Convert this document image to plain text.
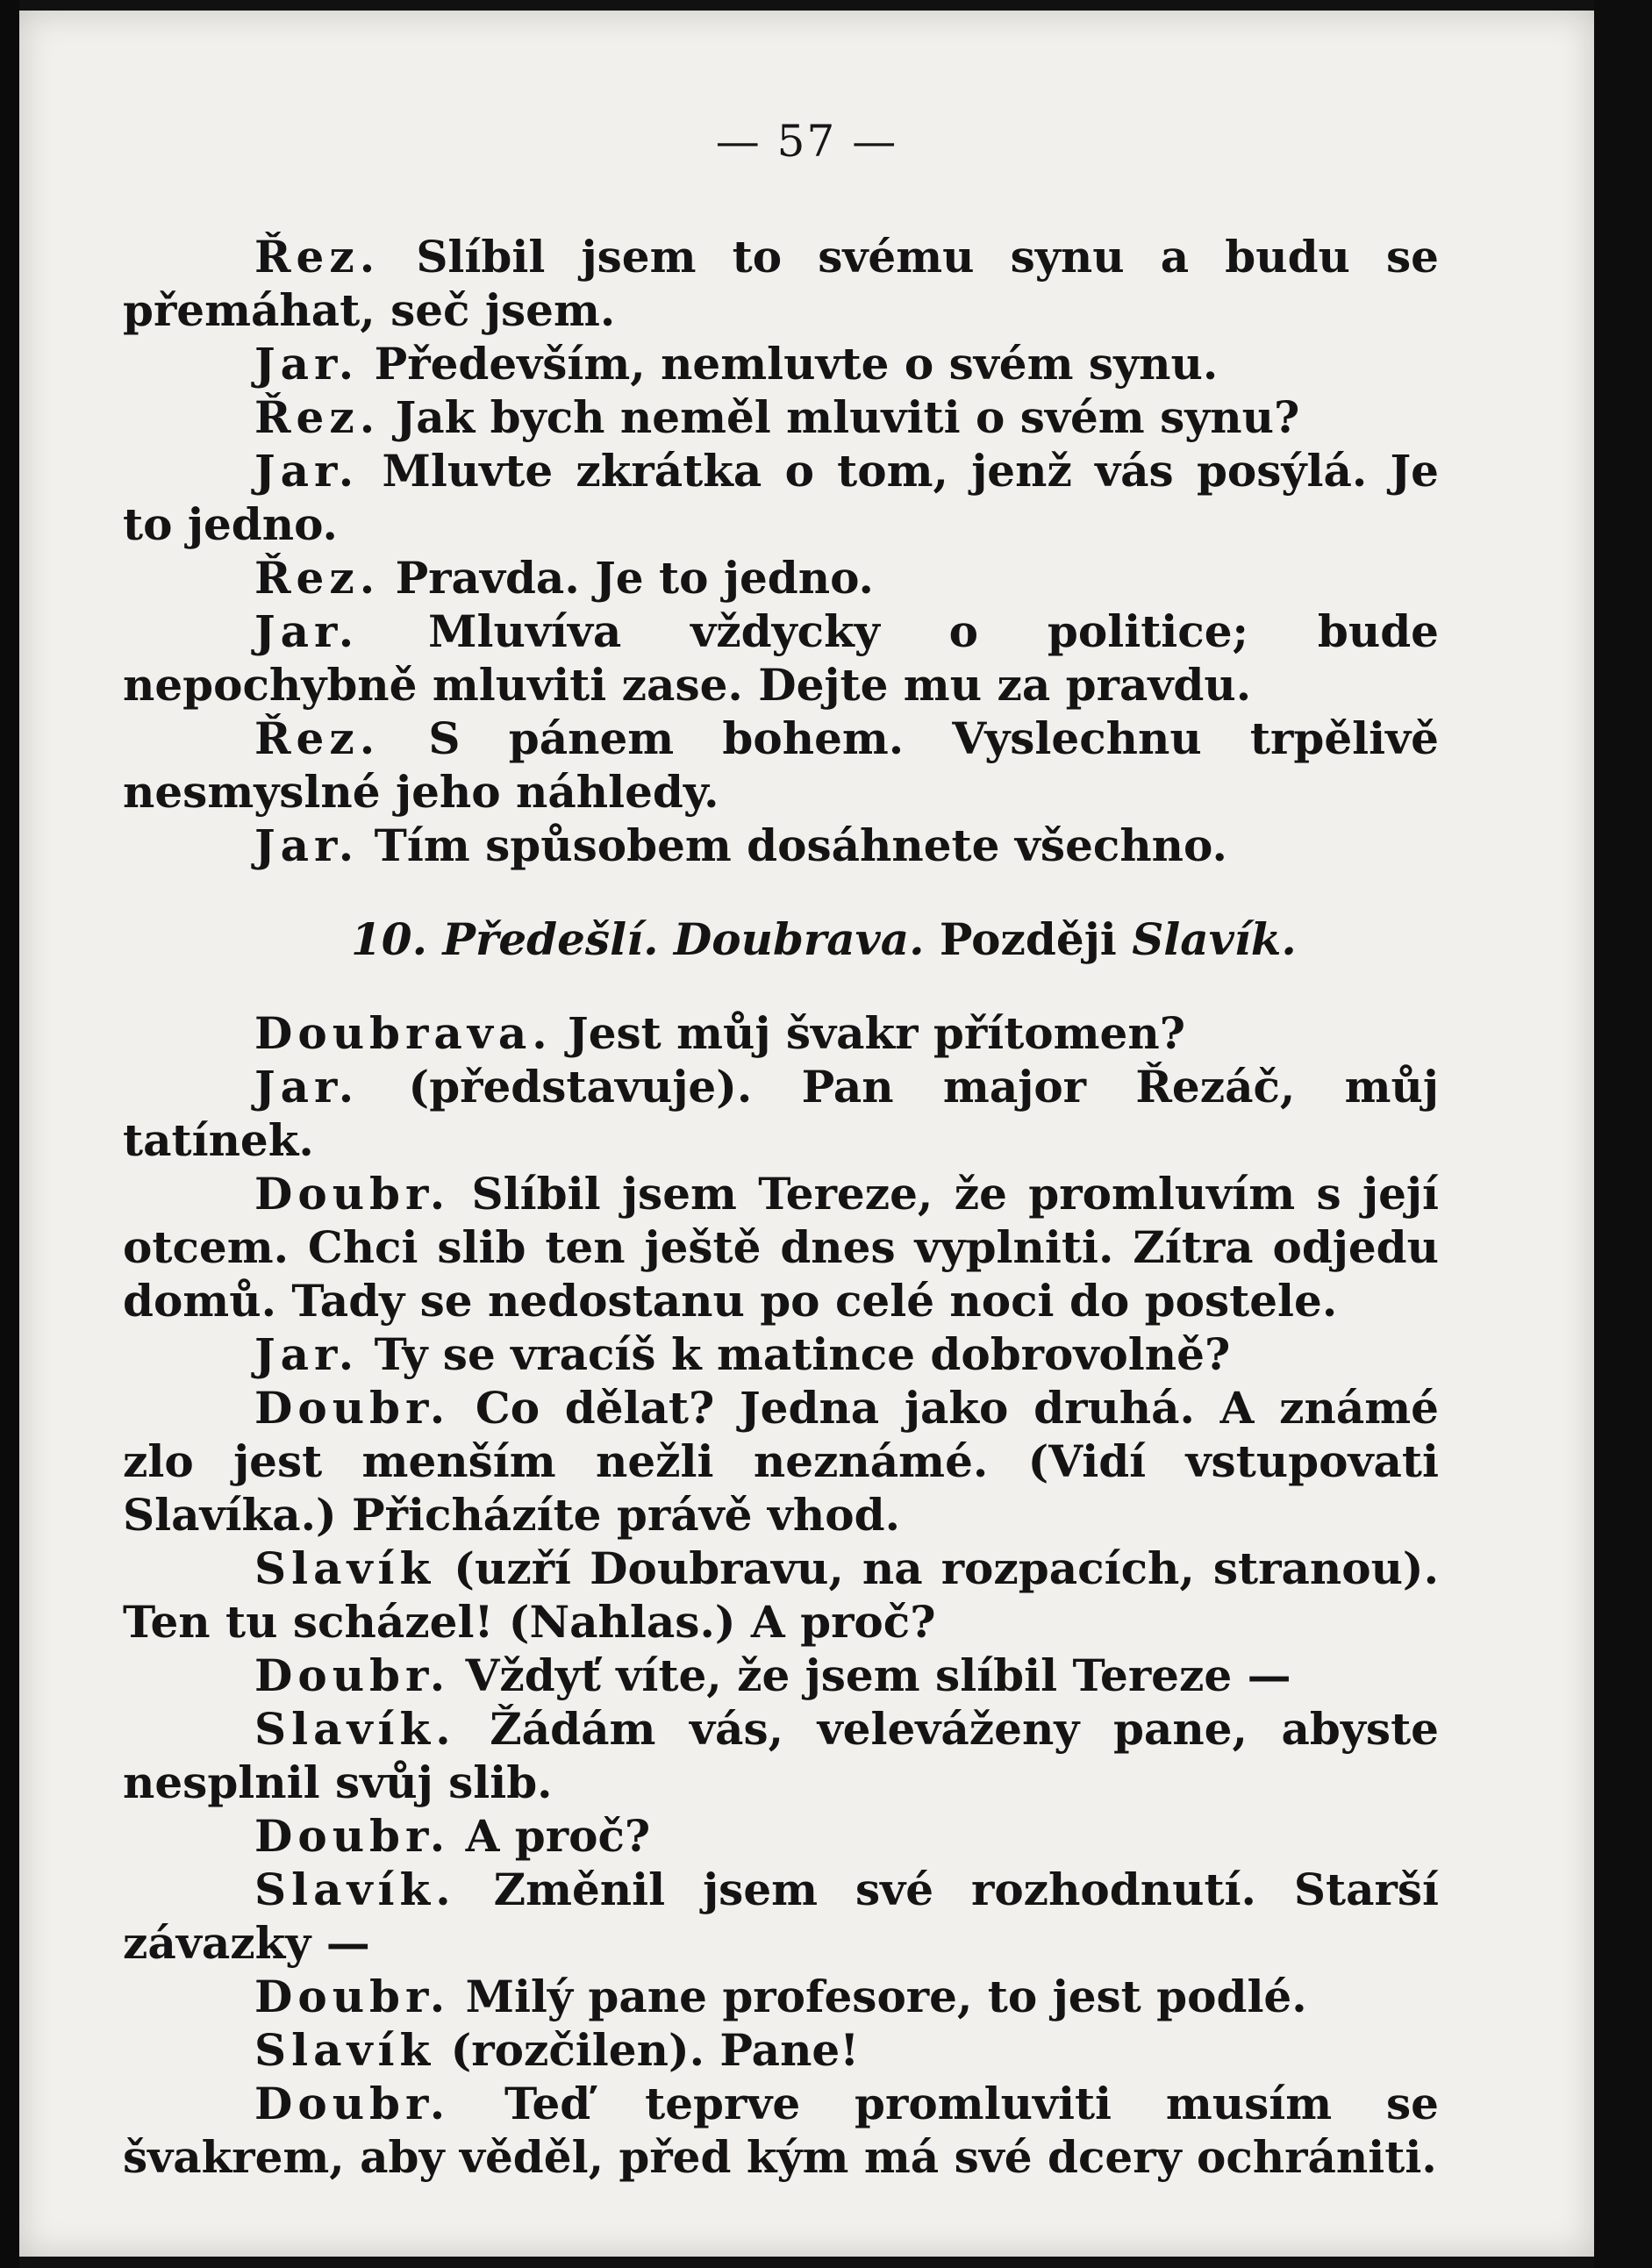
— 57 —

Řez. Slíbil jsem to svému synu a budu se přemáhat, seč jsem.

Jar. Především, nemluvte o svém synu.

Řez. Jak bych neměl mluviti o svém synu?

Jar. Mluvte zkrátka o tom, jenž vás posýlá. Je to jedno.

Řez. Pravda. Je to jedno.

Jar. Mluvíva vždycky o politice; bude nepochybně mluviti zase. Dejte mu za pravdu.

Řez. S pánem bohem. Vyslechnu trpělivě nesmyslné jeho náhledy.

Jar. Tím spůsobem dosáhnete všechno.

10. Předešlí. Doubrava. Později Slavík.

Doubrava. Jest můj švakr přítomen?

Jar. (představuje). Pan major Řezáč, můj tatínek.

Doubr. Slíbil jsem Tereze, že promluvím s její otcem. Chci slib ten ještě dnes vyplniti. Zítra odjedu domů. Tady se nedostanu po celé noci do postele.

Jar. Ty se vracíš k matince dobrovolně?

Doubr. Co dělat? Jedna jako druhá. A známé zlo jest menším nežli neznámé. (Vidí vstupovati Slavíka.) Přicházíte právě vhod.

Slavík (uzří Doubravu, na rozpacích, stranou). Ten tu scházel! (Nahlas.) A proč?

Doubr. Vždyť víte, že jsem slíbil Tereze —

Slavík. Žádám vás, veleváženy pane, abyste nesplnil svůj slib.

Doubr. A proč?

Slavík. Změnil jsem své rozhodnutí. Starší závazky —

Doubr. Milý pane profesore, to jest podlé.

Slavík (rozčilen). Pane!

Doubr. Teď teprve promluviti musím se švakrem, aby věděl, před kým má své dcery ochrániti.
